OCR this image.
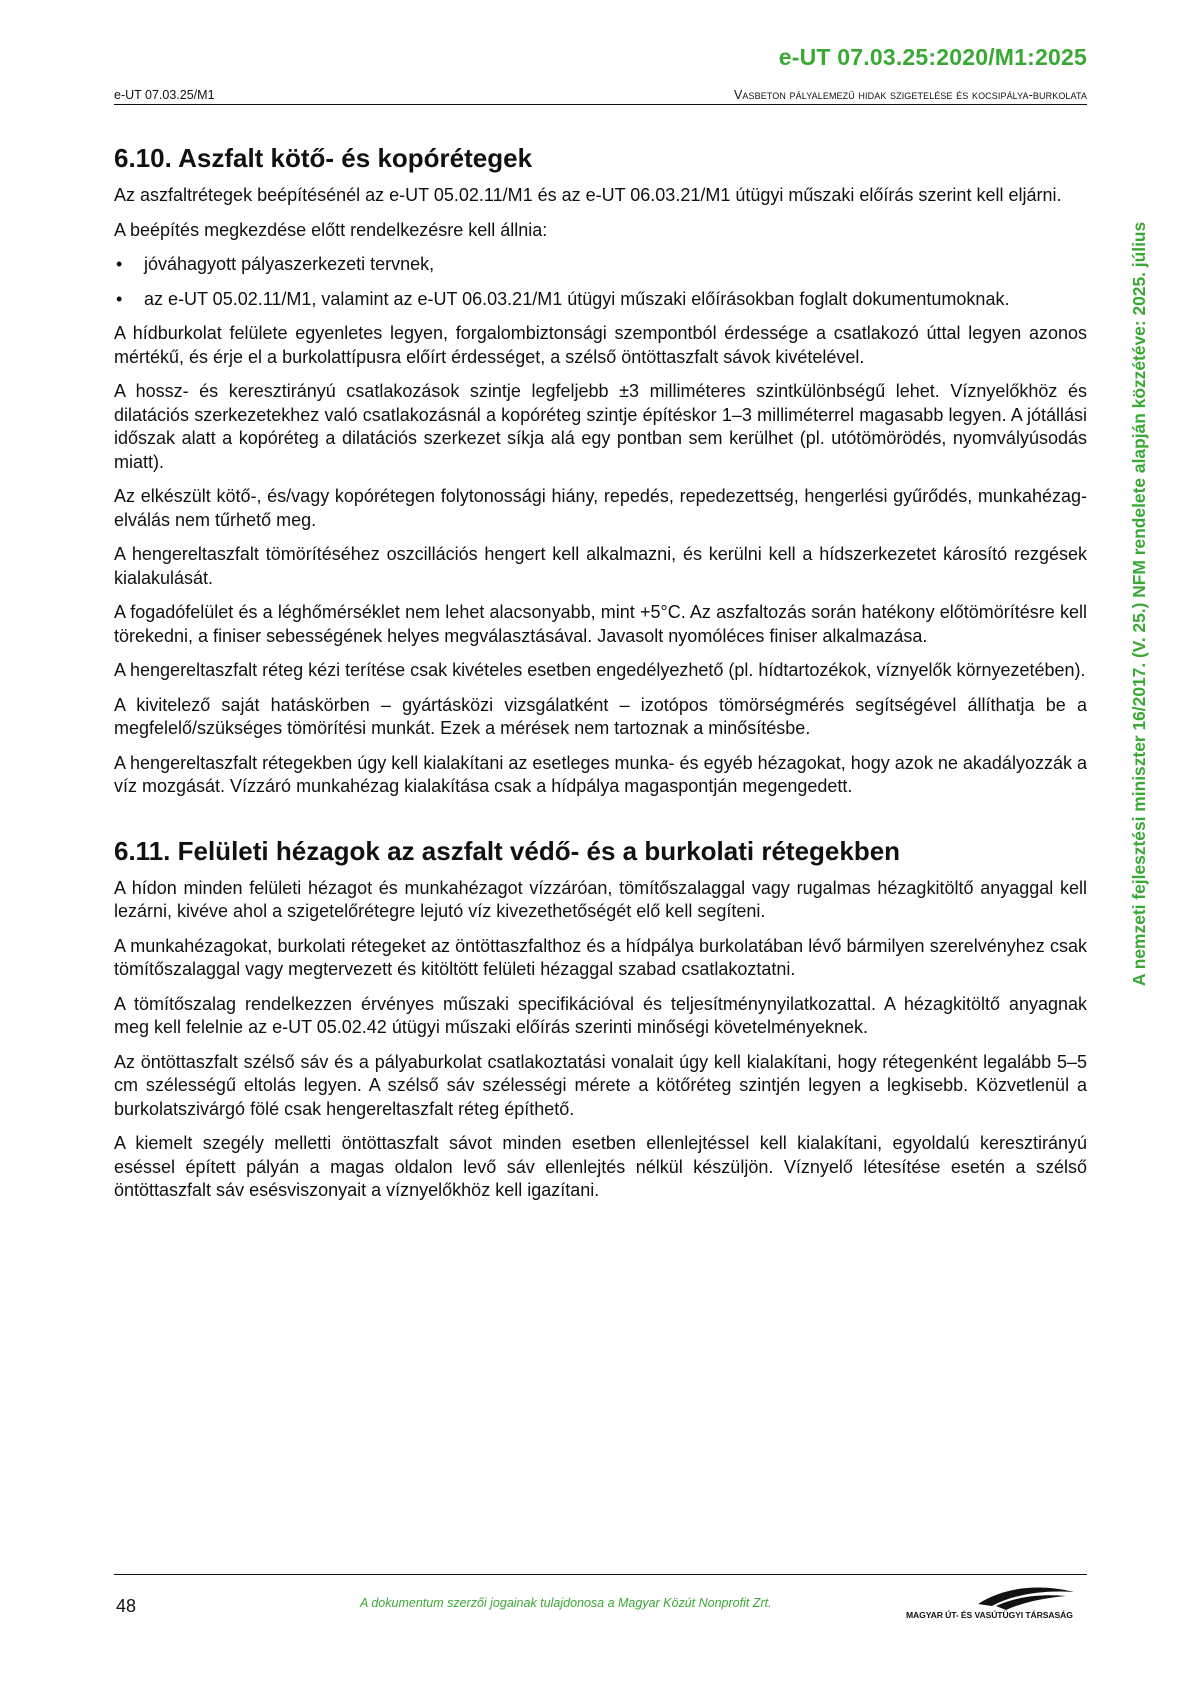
e-UT 07.03.25:2020/M1:2025
e-UT 07.03.25/M1	Vasbeton pályalemezű hidak szigetelése és kocsipálya-burkolata
A nemzeti fejlesztési miniszter 16/2017. (V. 25.) NFM rendelete alapján közzétéve: 2025. július
6.10. Aszfalt kötő- és kopórétegek

Az aszfaltrétegek beépítésénél az e-UT 05.02.11/M1 és az e-UT 06.03.21/M1 útügyi műszaki előírás szerint kell eljárni.

A beépítés megkezdése előtt rendelkezésre kell állnia:

• jóváhagyott pályaszerkezeti tervnek,
• az e-UT 05.02.11/M1, valamint az e-UT 06.03.21/M1 útügyi műszaki előírásokban foglalt dokumentumoknak.

A hídburkolat felülete egyenletes legyen, forgalombiztonsági szempontból érdessége a csatlakozó úttal legyen azonos mértékű, és érje el a burkolattípusra előírt érdességet, a szélső öntöttaszfalt sávok kivételével.

A hossz- és keresztirányú csatlakozások szintje legfeljebb ±3 milliméteres szintkülönbségű lehet. Víznyelőkhöz és dilatációs szerkezetekhez való csatlakozásnál a kopóréteg szintje építéskor 1–3 milliméterrel magasabb legyen. A jótállási időszak alatt a kopóréteg a dilatációs szerkezet síkja alá egy pontban sem kerülhet (pl. utótömörödés, nyomvályúsodás miatt).

Az elkészült kötő-, és/vagy kopórétegen folytonossági hiány, repedés, repedezettség, hengerlési gyűrődés, munkahézag-elválás nem tűrhető meg.

A hengereltaszfalt tömörítéséhez oszcillációs hengert kell alkalmazni, és kerülni kell a hídszerkezetet károsító rezgések kialakulását.

A fogadófelület és a léghőmérséklet nem lehet alacsonyabb, mint +5°C. Az aszfaltozás során hatékony előtömörítésre kell törekedni, a finiser sebességének helyes megválasztásával. Javasolt nyomóléces finiser alkalmazása.

A hengereltaszfalt réteg kézi terítése csak kivételes esetben engedélyezhető (pl. hídtartozékok, víznyelők környezetében).

A kivitelező saját hatáskörben – gyártásközi vizsgálatként – izotópos tömörségmérés segítségével állíthatja be a megfelelő/szükséges tömörítési munkát. Ezek a mérések nem tartoznak a minősítésbe.

A hengereltaszfalt rétegekben úgy kell kialakítani az esetleges munka- és egyéb hézagokat, hogy azok ne akadályozzák a víz mozgását. Vízzáró munkahézag kialakítása csak a hídpálya magaspontján megengedett.

6.11. Felületi hézagok az aszfalt védő- és a burkolati rétegekben

A hídon minden felületi hézagot és munkahézagot vízzáróan, tömítőszalaggal vagy rugalmas hézagkitöltő anyaggal kell lezárni, kivéve ahol a szigetelőrétegre lejutó víz kivezethetőségét elő kell segíteni.

A munkahézagokat, burkolati rétegeket az öntöttaszfalthoz és a hídpálya burkolatában lévő bármilyen szerelvényhez csak tömítőszalaggal vagy megtervezett és kitöltött felületi hézaggal szabad csatlakoztatni.

A tömítőszalag rendelkezzen érvényes műszaki specifikációval és teljesítménynyilatkozattal. A hézagkitöltő anyagnak meg kell felelnie az e-UT 05.02.42 útügyi műszaki előírás szerinti minőségi követelményeknek.

Az öntöttaszfalt szélső sáv és a pályaburkolat csatlakoztatási vonalait úgy kell kialakítani, hogy rétegenként legalább 5–5 cm szélességű eltolás legyen. A szélső sáv szélességi mérete a kötőréteg szintjén legyen a legkisebb. Közvetlenül a burkolatszivárgó fölé csak hengereltaszfalt réteg építhető.

A kiemelt szegély melletti öntöttaszfalt sávot minden esetben ellenlejtéssel kell kialakítani, egyoldalú keresztirányú eséssel épített pályán a magas oldalon levő sáv ellenlejtés nélkül készüljön. Víznyelő létesítése esetén a szélső öntöttaszfalt sáv esésviszonyait a víznyelőkhöz kell igazítani.

48	A dokumentum szerzői jogainak tulajdonosa a Magyar Közút Nonprofit Zrt.
MAGYAR ÚT- ÉS VASÚTÜGYI TÁRSASÁG
